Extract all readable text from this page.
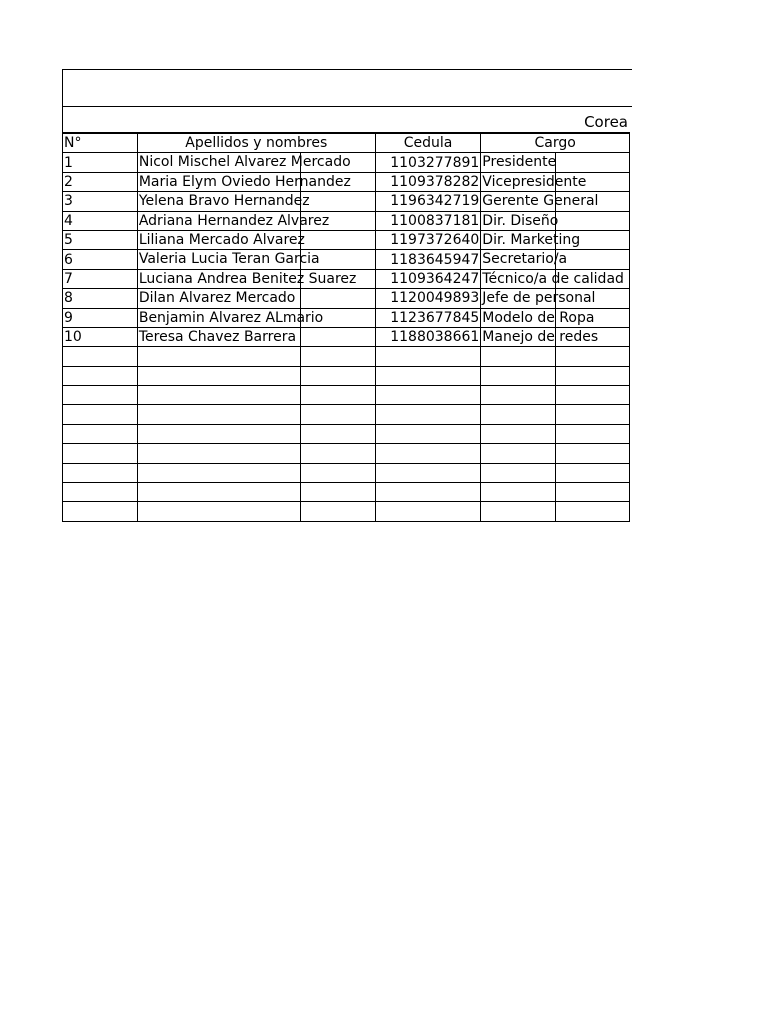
Corea
N°	Apellidos y nombres		Cedula	Cargo	
1	Nicol Mischel Alvarez Mercado		1103277891	Presidente	

2	Maria Elym Oviedo Hernandez		1109378282	Vicepresidente	

3	Yelena Bravo Hernandez		1196342719	Gerente General	

4	Adriana Hernandez Alvarez		1100837181	Dir. Diseño	

5	Liliana Mercado Alvarez		1197372640	Dir. Marketing	

6	Valeria Lucia Teran Garcia		1183645947	Secretario/a	

7	Luciana Andrea Benitez Suarez		1109364247	Técnico/a de calidad	

8	Dilan Alvarez Mercado		1120049893	Jefe de personal	

9	Benjamin Alvarez ALmario		1123677845	Modelo de Ropa	

10	Teresa Chavez Barrera		1188038661	Manejo de redes	
